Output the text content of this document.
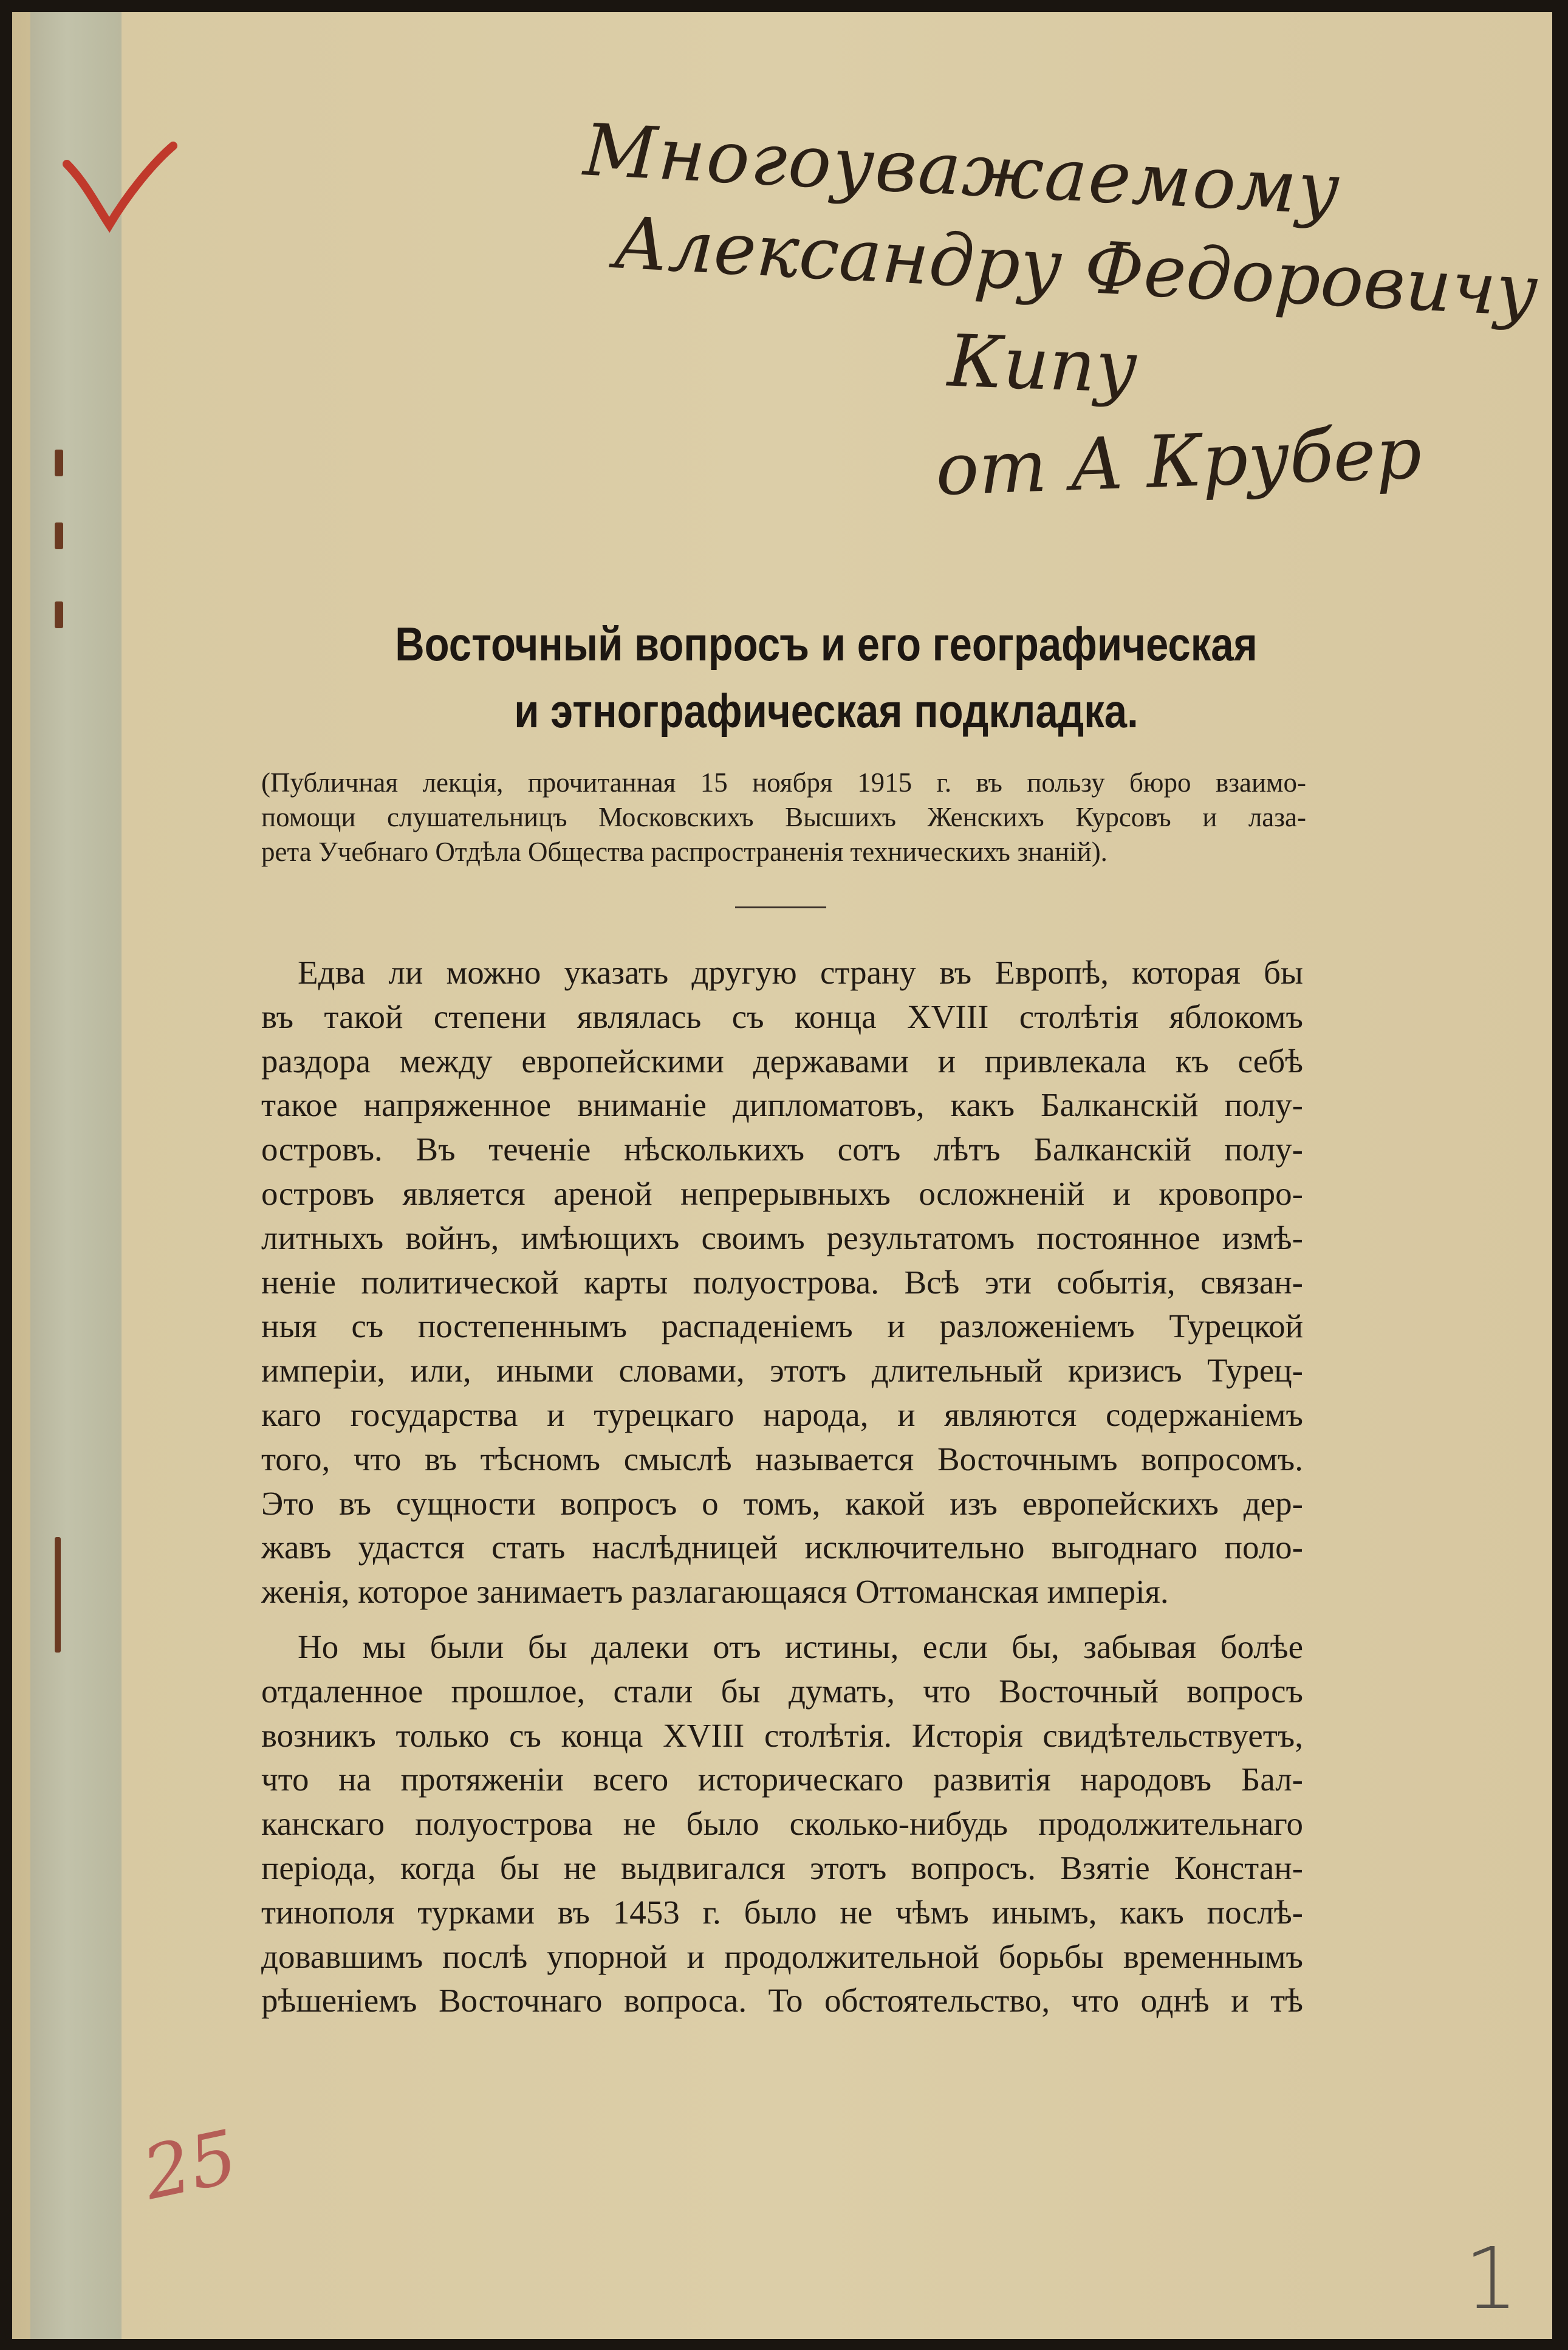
Многоуважаемому
Александру Федоровичу
Кипу
от А Крубер
Восточный вопросъ и его географическая
и этнографическая подкладка.
(Публичная лекція, прочитанная 15 ноября 1915 г. въ пользу бюро взаимо-
помощи слушательницъ Московскихъ Высшихъ Женскихъ Курсовъ и лаза-
рета Учебнаго Отдѣла Общества распространенія техническихъ знаній).
Едва ли можно указать другую страну въ Европѣ, которая бы
въ такой степени являлась съ конца XVIII столѣтія яблокомъ
раздора между европейскими державами и привлекала къ себѣ
такое напряженное вниманіе дипломатовъ, какъ Балканскій полу-
островъ. Въ теченіе нѣсколькихъ сотъ лѣтъ Балканскій полу-
островъ является ареной непрерывныхъ осложненій и кровопро-
литныхъ войнъ, имѣющихъ своимъ результатомъ постоянное измѣ-
неніе политической карты полуострова. Всѣ эти событія, связан-
ныя съ постепеннымъ распаденіемъ и разложеніемъ Турецкой
имперіи, или, иными словами, этотъ длительный кризисъ Турец-
каго государства и турецкаго народа, и являются содержаніемъ
того, что въ тѣсномъ смыслѣ называется Восточнымъ вопросомъ.
Это въ сущности вопросъ о томъ, какой изъ европейскихъ дер-
жавъ удастся стать наслѣдницей исключительно выгоднаго поло-
женія, которое занимаетъ разлагающаяся Оттоманская имперія.
Но мы были бы далеки отъ истины, если бы, забывая болѣе
отдаленное прошлое, стали бы думать, что Восточный вопросъ
возникъ только съ конца XVIII столѣтія. Исторія свидѣтельствуетъ,
что на протяженіи всего историческаго развитія народовъ Бал-
канскаго полуострова не было сколько-нибудь продолжительнаго
періода, когда бы не выдвигался этотъ вопросъ. Взятіе Констан-
тинополя турками въ 1453 г. было не чѣмъ инымъ, какъ послѣ-
довавшимъ послѣ упорной и продолжительной борьбы временнымъ
рѣшеніемъ Восточнаго вопроса. То обстоятельство, что однѣ и тѣ
25
1
